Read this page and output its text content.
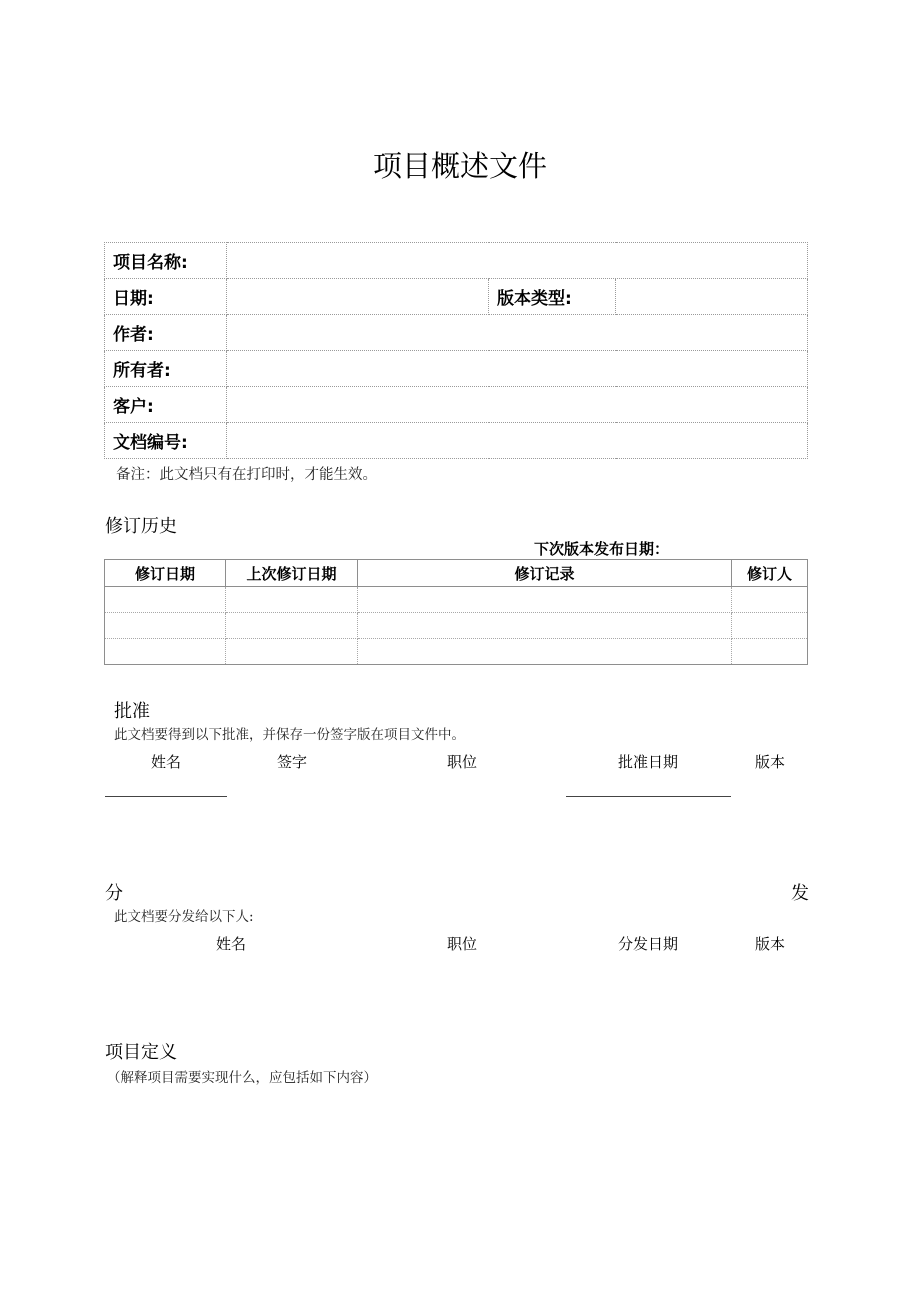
项目概述文件
项目名称:			
日期:		版本类型:	
作者:			
所有者:			
客户:			
文档编号:			
备注：此文档只有在打印时，才能生效。
修订历史
下次版本发布日期：
修订日期	上次修订日期	修订记录	修订人

批准
此文档要得到以下批准，并保存一份签字版在项目文件中。
姓名	签字	职位	批准日期	版本
分	发
此文档要分发给以下人:
姓名	职位	分发日期	版本
项目定义
（解释项目需要实现什么，应包括如下内容）
